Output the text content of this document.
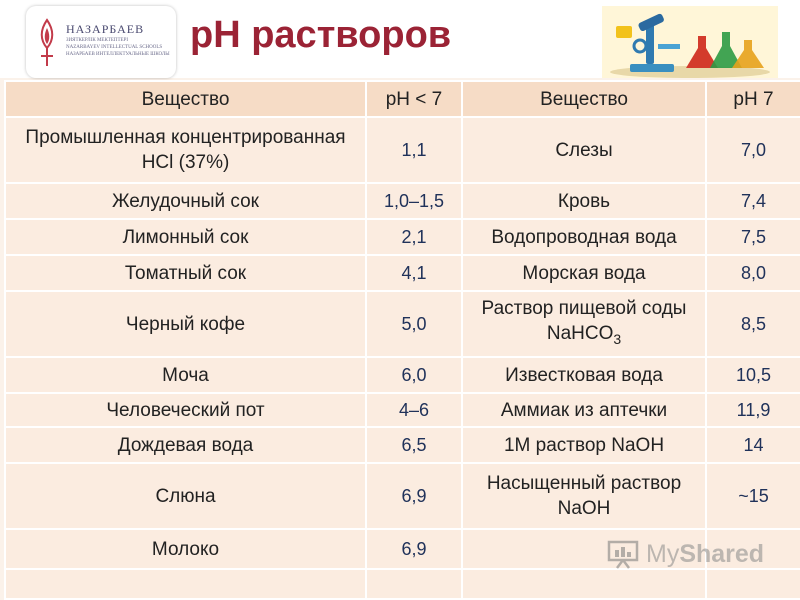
НАЗАРБАЕВ
ЗИЯТКЕРЛІК МЕКТЕПТЕРІ
NAZARBAYEV INTELLECTUAL SCHOOLS
НАЗАРБАЕВ ИНТЕЛЛЕКТУАЛЬНЫЕ ШКОЛЫ pH растворов
Вещество	pH < 7	Вещество	pH 7
Промышленная концентрированная HCl (37%)	1,1	Слезы	7,0
Желудочный сок	1,0–1,5	Кровь	7,4
Лимонный сок	2,1	Водопроводная вода	7,5
Томатный сок	4,1	Морская вода	8,0
Черный кофе	5,0	Раствор пищевой соды NaHCO$_3$	8,5
Моча	6,0	Известковая вода	10,5
Человеческий пот	4–6	Аммиак из аптечки	11,9
Дождевая вода	6,5	1M раствор NaOH	14
Слюна	6,9	Насыщенный раствор NaOH	~15
Молоко	6,9		
				MyShared
